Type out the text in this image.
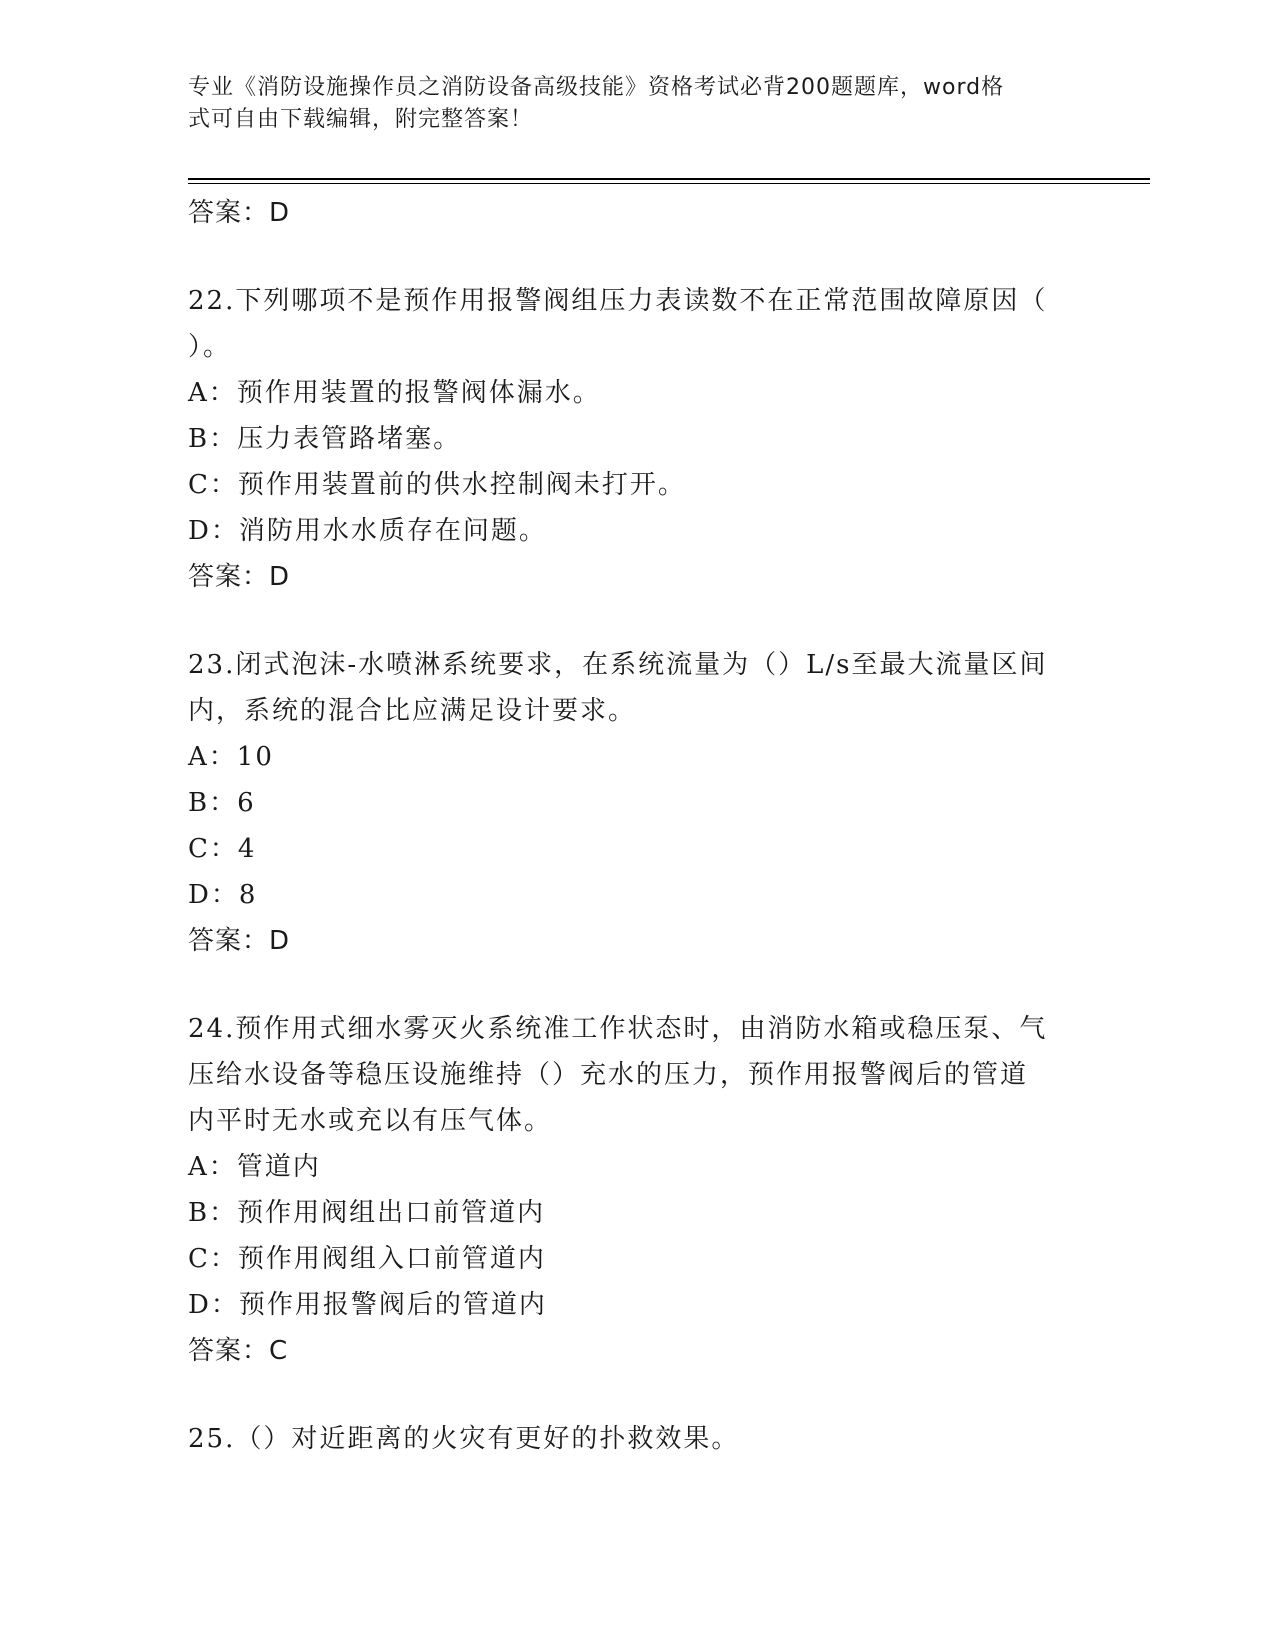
专业《消防设施操作员之消防设备高级技能》资格考试必背200题题库，word格
式可自由下载编辑，附完整答案！
答案：D
22.下列哪项不是预作用报警阀组压力表读数不在正常范围故障原因（
）。
A：预作用装置的报警阀体漏水。
B：压力表管路堵塞。
C：预作用装置前的供水控制阀未打开。
D：消防用水水质存在问题。
答案：D
23.闭式泡沫-水喷淋系统要求，在系统流量为（）L/s至最大流量区间
内，系统的混合比应满足设计要求。
A：10
B：6
C：4
D：8
答案：D
24.预作用式细水雾灭火系统准工作状态时，由消防水箱或稳压泵、气
压给水设备等稳压设施维持（）充水的压力，预作用报警阀后的管道
内平时无水或充以有压气体。
A：管道内
B：预作用阀组出口前管道内
C：预作用阀组入口前管道内
D：预作用报警阀后的管道内
答案：C
25.（）对近距离的火灾有更好的扑救效果。
